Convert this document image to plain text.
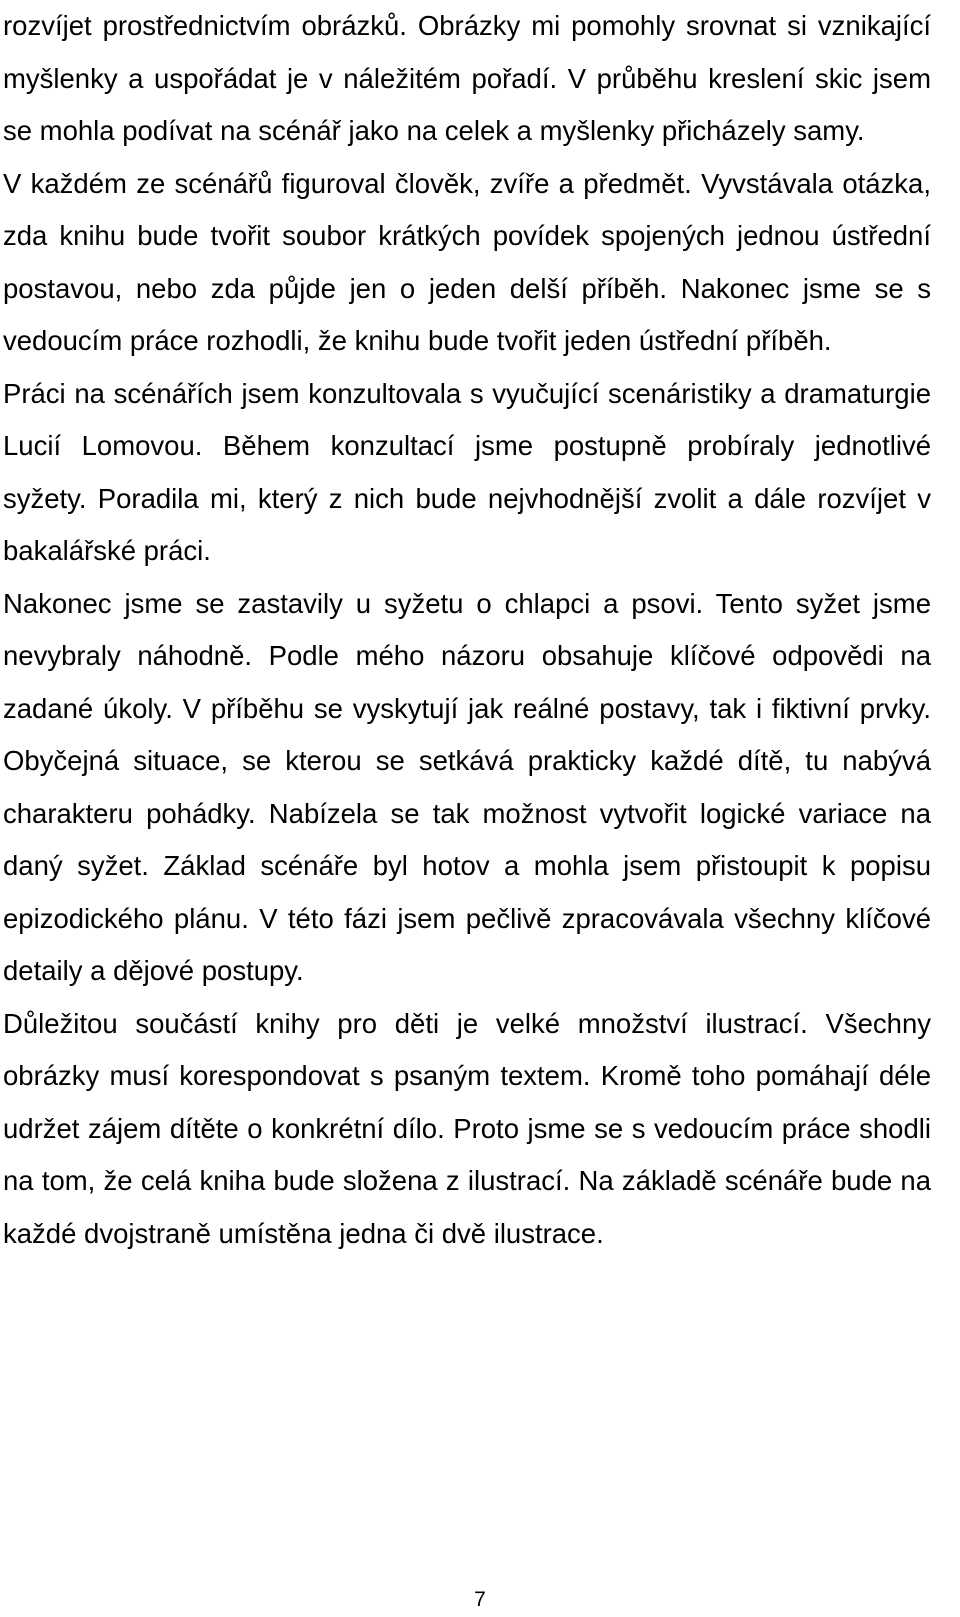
rozvíjet prostřednictvím obrázků. Obrázky mi pomohly srovnat si vznikající myšlenky a uspořádat je v náležitém pořadí. V průběhu kreslení skic jsem se mohla podívat na scénář jako na celek a myšlenky přicházely samy.

V každém ze scénářů figuroval člověk, zvíře a předmět. Vyvstávala otázka, zda knihu bude tvořit soubor krátkých povídek spojených jednou ústřední postavou, nebo zda půjde jen o jeden delší příběh. Nakonec jsme se s vedoucím práce rozhodli, že knihu bude tvořit jeden ústřední příběh.

Práci na scénářích jsem konzultovala s vyučující scenáristiky a dramaturgie Lucií Lomovou. Během konzultací jsme postupně probíraly jednotlivé syžety. Poradila mi, který z nich bude nejvhodnější zvolit a dále rozvíjet v bakalářské práci.

Nakonec jsme se zastavily u syžetu o chlapci a psovi. Tento syžet jsme nevybraly náhodně. Podle mého názoru obsahuje klíčové odpovědi na zadané úkoly. V příběhu se vyskytují jak reálné postavy, tak i fiktivní prvky. Obyčejná situace, se kterou se setkává prakticky každé dítě, tu nabývá charakteru pohádky. Nabízela se tak možnost vytvořit logické variace na daný syžet. Základ scénáře byl hotov a mohla jsem přistoupit k popisu epizodického plánu. V této fázi jsem pečlivě zpracovávala všechny klíčové detaily a dějové postupy.

Důležitou součástí knihy pro děti je velké množství ilustrací. Všechny obrázky musí korespondovat s psaným textem. Kromě toho pomáhají déle udržet zájem dítěte o konkrétní dílo. Proto jsme se s vedoucím práce shodli na tom, že celá kniha bude složena z ilustrací. Na základě scénáře bude na každé dvojstraně umístěna jedna či dvě ilustrace.

7
